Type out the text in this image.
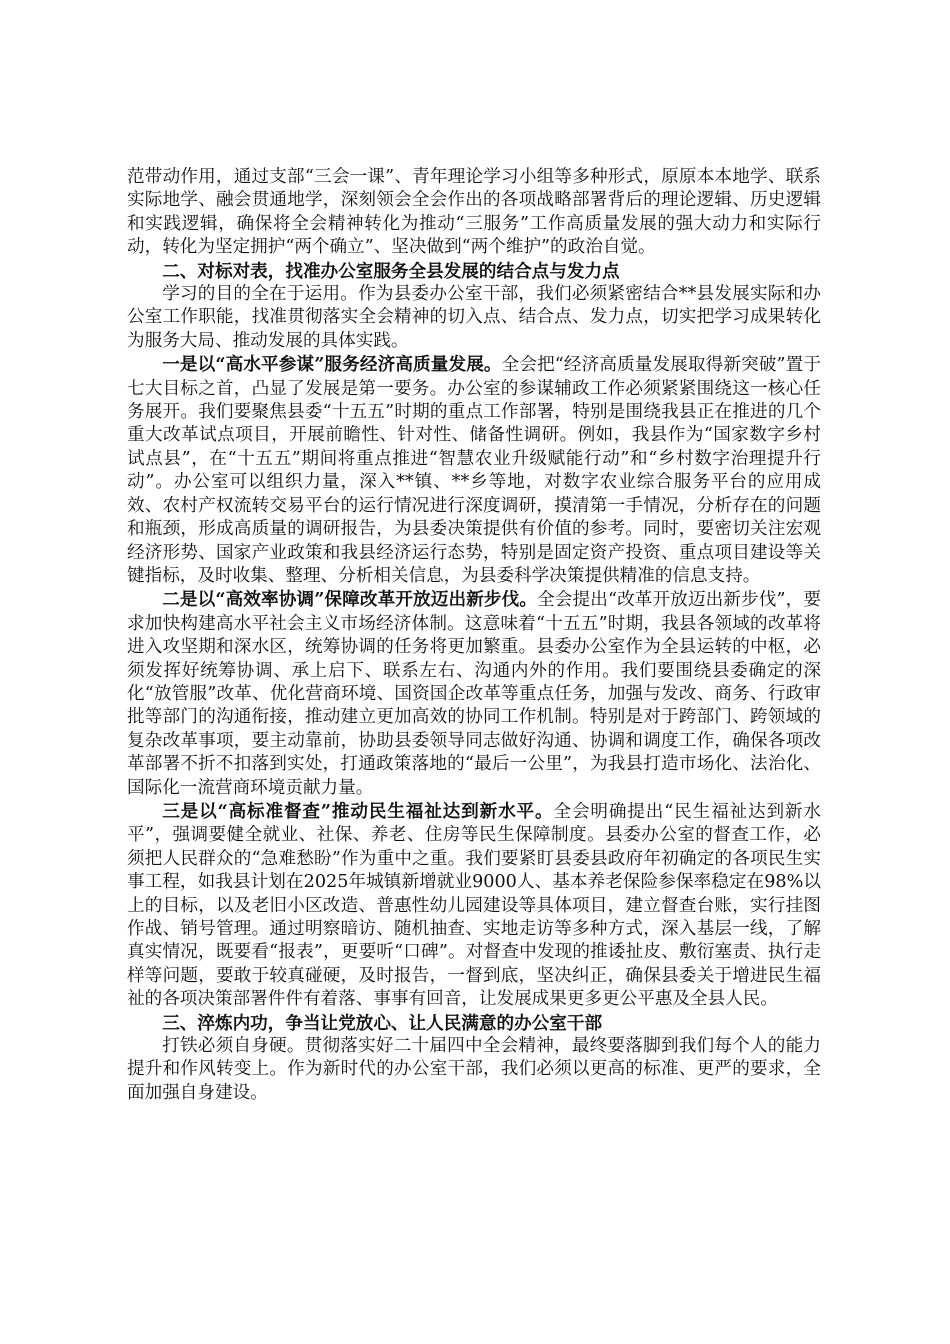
范带动作用，通过支部“三会一课”、青年理论学习小组等多种形式，原原本本地学、联系实际地学、融会贯通地学，深刻领会全会作出的各项战略部署背后的理论逻辑、历史逻辑和实践逻辑，确保将全会精神转化为推动“三服务”工作高质量发展的强大动力和实际行动，转化为坚定拥护“两个确立”、坚决做到“两个维护”的政治自觉。

二、对标对表，找准办公室服务全县发展的结合点与发力点

学习的目的全在于运用。作为县委办公室干部，我们必须紧密结合**县发展实际和办公室工作职能，找准贯彻落实全会精神的切入点、结合点、发力点，切实把学习成果转化为服务大局、推动发展的具体实践。

一是以“高水平参谋”服务经济高质量发展。全会把“经济高质量发展取得新突破”置于七大目标之首，凸显了发展是第一要务。办公室的参谋辅政工作必须紧紧围绕这一核心任务展开。我们要聚焦县委“十五五”时期的重点工作部署，特别是围绕我县正在推进的几个重大改革试点项目，开展前瞻性、针对性、储备性调研。例如，我县作为“国家数字乡村试点县”，在“十五五”期间将重点推进“智慧农业升级赋能行动”和“乡村数字治理提升行动”。办公室可以组织力量，深入**镇、**乡等地，对数字农业综合服务平台的应用成效、农村产权流转交易平台的运行情况进行深度调研，摸清第一手情况，分析存在的问题和瓶颈，形成高质量的调研报告，为县委决策提供有价值的参考。同时，要密切关注宏观经济形势、国家产业政策和我县经济运行态势，特别是固定资产投资、重点项目建设等关键指标，及时收集、整理、分析相关信息，为县委科学决策提供精准的信息支持。

二是以“高效率协调”保障改革开放迈出新步伐。全会提出“改革开放迈出新步伐”，要求加快构建高水平社会主义市场经济体制。这意味着“十五五”时期，我县各领域的改革将进入攻坚期和深水区，统筹协调的任务将更加繁重。县委办公室作为全县运转的中枢，必须发挥好统筹协调、承上启下、联系左右、沟通内外的作用。我们要围绕县委确定的深化“放管服”改革、优化营商环境、国资国企改革等重点任务，加强与发改、商务、行政审批等部门的沟通衔接，推动建立更加高效的协同工作机制。特别是对于跨部门、跨领域的复杂改革事项，要主动靠前，协助县委领导同志做好沟通、协调和调度工作，确保各项改革部署不折不扣落到实处，打通政策落地的“最后一公里”，为我县打造市场化、法治化、国际化一流营商环境贡献力量。

三是以“高标准督查”推动民生福祉达到新水平。全会明确提出“民生福祉达到新水平”，强调要健全就业、社保、养老、住房等民生保障制度。县委办公室的督查工作，必须把人民群众的“急难愁盼”作为重中之重。我们要紧盯县委县政府年初确定的各项民生实事工程，如我县计划在2025年城镇新增就业9000人、基本养老保险参保率稳定在98%以上的目标，以及老旧小区改造、普惠性幼儿园建设等具体项目，建立督查台账，实行挂图作战、销号管理。通过明察暗访、随机抽查、实地走访等多种方式，深入基层一线，了解真实情况，既要看“报表”，更要听“口碑”。对督查中发现的推诿扯皮、敷衍塞责、执行走样等问题，要敢于较真碰硬，及时报告，一督到底，坚决纠正，确保县委关于增进民生福祉的各项决策部署件件有着落、事事有回音，让发展成果更多更公平惠及全县人民。

三、淬炼内功，争当让党放心、让人民满意的办公室干部

打铁必须自身硬。贯彻落实好二十届四中全会精神，最终要落脚到我们每个人的能力提升和作风转变上。作为新时代的办公室干部，我们必须以更高的标准、更严的要求，全面加强自身建设。
